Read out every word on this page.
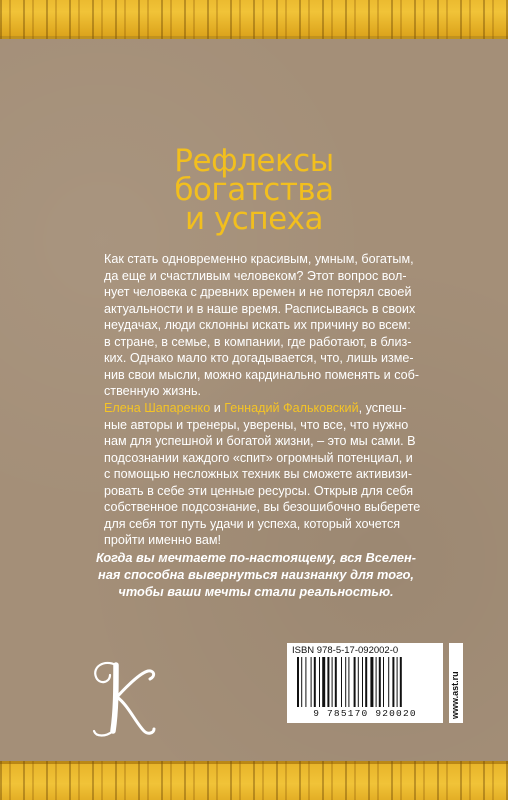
Рефлексы
богатства
и успеха
Как стать одновременно красивым, умным, богатым,
да еще и счастливым человеком? Этот вопрос вол-
нует человека с древних времен и не потерял своей
актуальности и в наше время. Расписываясь в своих
неудачах, люди склонны искать их причину во всем:
в стране, в семье, в компании, где работают, в близ-
ких. Однако мало кто догадывается, что, лишь изме-
нив свои мысли, можно кардинально поменять и соб-
ственную жизнь.
Елена Шапаренко и Геннадий Фальковский, успеш-
ные авторы и тренеры, уверены, что все, что нужно
нам для успешной и богатой жизни, – это мы сами. В
подсознании каждого «спит» огромный потенциал, и
с помощью несложных техник вы сможете активизи-
ровать в себе эти ценные ресурсы. Открыв для себя
собственное подсознание, вы безошибочно выберете
для себя тот путь удачи и успеха, который хочется
пройти именно вам!
Когда вы мечтаете по-настоящему, вся Вселен-
ная способна вывернуться наизнанку для того,
чтобы ваши мечты стали реальностью.
K	ISBN 978-5-17-092002-0
9 785170 920020	www.ast.ru
